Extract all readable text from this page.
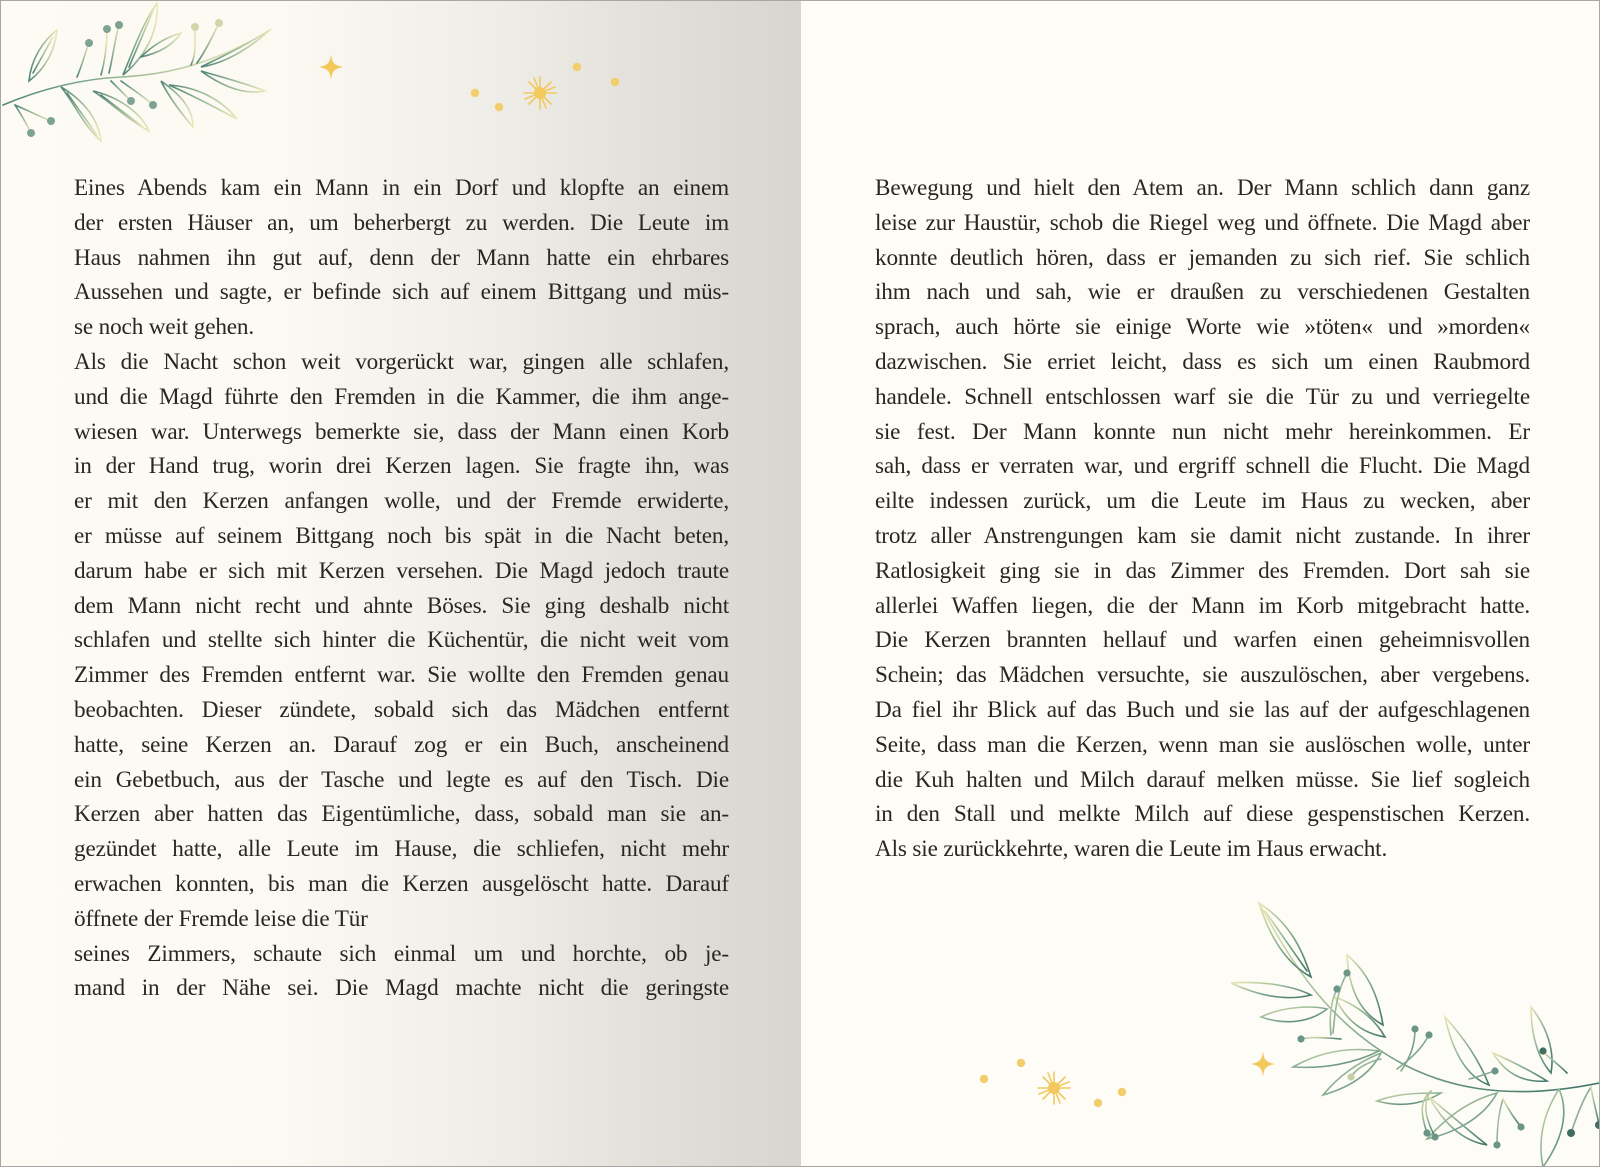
Eines Abends kam ein Mann in ein Dorf und klopfte an einem
der ersten Häuser an, um beherbergt zu werden. Die Leute im
Haus nahmen ihn gut auf, denn der Mann hatte ein ehrbares
Aussehen und sagte, er befinde sich auf einem Bittgang und müs-
se noch weit gehen.
Als die Nacht schon weit vorgerückt war, gingen alle schlafen,
und die Magd führte den Fremden in die Kammer, die ihm ange-
wiesen war. Unterwegs bemerkte sie, dass der Mann einen Korb
in der Hand trug, worin drei Kerzen lagen. Sie fragte ihn, was
er mit den Kerzen anfangen wolle, und der Fremde erwiderte,
er müsse auf seinem Bittgang noch bis spät in die Nacht beten,
darum habe er sich mit Kerzen versehen. Die Magd jedoch traute
dem Mann nicht recht und ahnte Böses. Sie ging deshalb nicht
schlafen und stellte sich hinter die Küchentür, die nicht weit vom
Zimmer des Fremden entfernt war. Sie wollte den Fremden genau
beobachten. Dieser zündete, sobald sich das Mädchen entfernt
hatte, seine Kerzen an. Darauf zog er ein Buch, anscheinend
ein Gebetbuch, aus der Tasche und legte es auf den Tisch. Die
Kerzen aber hatten das Eigentümliche, dass, sobald man sie an-
gezündet hatte, alle Leute im Hause, die schliefen, nicht mehr
erwachen konnten, bis man die Kerzen ausgelöscht hatte. Darauf
öffnete der Fremde leise die Tür
seines Zimmers, schaute sich einmal um und horchte, ob je-
mand in der Nähe sei. Die Magd machte nicht die geringste
Bewegung und hielt den Atem an. Der Mann schlich dann ganz
leise zur Haustür, schob die Riegel weg und öffnete. Die Magd aber
konnte deutlich hören, dass er jemanden zu sich rief. Sie schlich
ihm nach und sah, wie er draußen zu verschiedenen Gestalten
sprach, auch hörte sie einige Worte wie »töten« und »morden«
dazwischen. Sie erriet leicht, dass es sich um einen Raubmord
handele. Schnell entschlossen warf sie die Tür zu und verriegelte
sie fest. Der Mann konnte nun nicht mehr hereinkommen. Er
sah, dass er verraten war, und ergriff schnell die Flucht. Die Magd
eilte indessen zurück, um die Leute im Haus zu wecken, aber
trotz aller Anstrengungen kam sie damit nicht zustande. In ihrer
Ratlosigkeit ging sie in das Zimmer des Fremden. Dort sah sie
allerlei Waffen liegen, die der Mann im Korb mitgebracht hatte.
Die Kerzen brannten hellauf und warfen einen geheimnisvollen
Schein; das Mädchen versuchte, sie auszulöschen, aber vergebens.
Da fiel ihr Blick auf das Buch und sie las auf der aufgeschlagenen
Seite, dass man die Kerzen, wenn man sie auslöschen wolle, unter
die Kuh halten und Milch darauf melken müsse. Sie lief sogleich
in den Stall und melkte Milch auf diese gespenstischen Kerzen.
Als sie zurückkehrte, waren die Leute im Haus erwacht.
